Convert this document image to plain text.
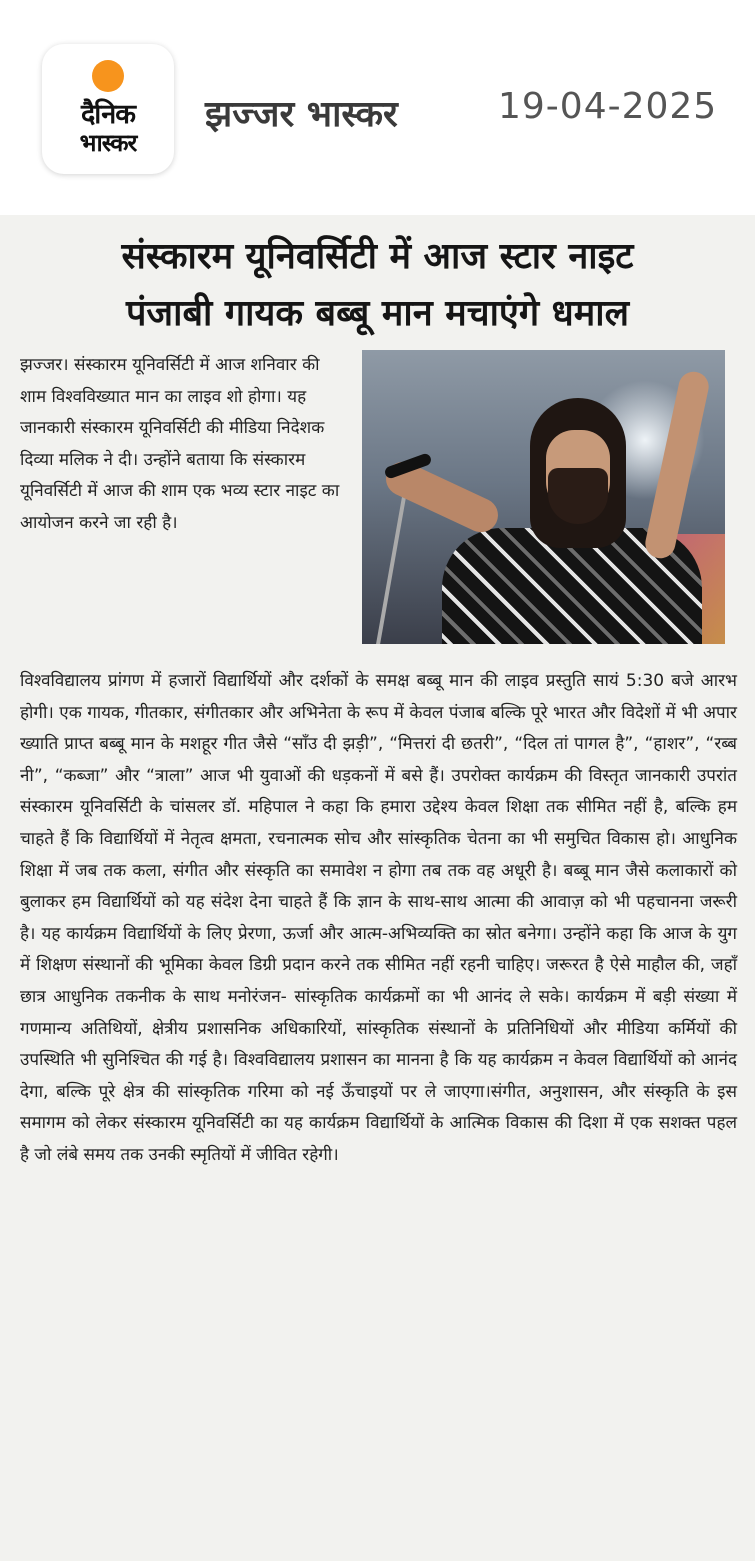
दैनिक
भास्कर
झज्जर भास्कर	19-04-2025
संस्कारम यूनिवर्सिटी में आज स्टार नाइट
पंजाबी गायक बब्बू मान मचाएंगे धमाल
झज्जर। संस्कारम यूनिवर्सिटी में आज शनिवार की शाम विश्वविख्यात मान का लाइव शो होगा। यह जानकारी संस्कारम यूनिवर्सिटी की मीडिया निदेशक दिव्या मलिक ने दी। उन्होंने बताया कि संस्कारम यूनिवर्सिटी में आज की शाम एक भव्य स्टार नाइट का आयोजन करने जा रही है।
विश्वविद्यालय प्रांगण में हजारों विद्यार्थियों और दर्शकों के समक्ष बब्बू मान की लाइव प्रस्तुति सायं 5:30 बजे आरभ होगी। एक गायक, गीतकार, संगीतकार और अभिनेता के रूप में केवल पंजाब बल्कि पूरे भारत और विदेशों में भी अपार ख्याति प्राप्त बब्बू मान के मशहूर गीत जैसे “साँउ दी झड़ी”, “मित्तरां दी छतरी”, “दिल तां पागल है”, “हाशर”, “रब्ब नी”, “कब्जा” और “त्राला” आज भी युवाओं की धड़कनों में बसे हैं। उपरोक्त कार्यक्रम की विस्तृत जानकारी उपरांत संस्कारम यूनिवर्सिटी के चांसलर डॉ. महिपाल ने कहा कि हमारा उद्देश्य केवल शिक्षा तक सीमित नहीं है, बल्कि हम चाहते हैं कि विद्यार्थियों में नेतृत्व क्षमता, रचनात्मक सोच और सांस्कृतिक चेतना का भी समुचित विकास हो। आधुनिक शिक्षा में जब तक कला, संगीत और संस्कृति का समावेश न होगा तब तक वह अधूरी है। बब्बू मान जैसे कलाकारों को बुलाकर हम विद्यार्थियों को यह संदेश देना चाहते हैं कि ज्ञान के साथ-साथ आत्मा की आवाज़ को भी पहचानना जरूरी है। यह कार्यक्रम विद्यार्थियों के लिए प्रेरणा, ऊर्जा और आत्म-अभिव्यक्ति का स्रोत बनेगा। उन्होंने कहा कि आज के युग में शिक्षण संस्थानों की भूमिका केवल डिग्री प्रदान करने तक सीमित नहीं रहनी चाहिए। जरूरत है ऐसे माहौल की, जहाँ छात्र आधुनिक तकनीक के साथ मनोरंजन- सांस्कृतिक कार्यक्रमों का भी आनंद ले सके। कार्यक्रम में बड़ी संख्या में गणमान्य अतिथियों, क्षेत्रीय प्रशासनिक अधिकारियों, सांस्कृतिक संस्थानों के प्रतिनिधियों और मीडिया कर्मियों की उपस्थिति भी सुनिश्चित की गई है। विश्वविद्यालय प्रशासन का मानना है कि यह कार्यक्रम न केवल विद्यार्थियों को आनंद देगा, बल्कि पूरे क्षेत्र की सांस्कृतिक गरिमा को नई ऊँचाइयों पर ले जाएगा।संगीत, अनुशासन, और संस्कृति के इस समागम को लेकर संस्कारम यूनिवर्सिटी का यह कार्यक्रम विद्यार्थियों के आत्मिक विकास की दिशा में एक सशक्त पहल है जो लंबे समय तक उनकी स्मृतियों में जीवित रहेगी।
